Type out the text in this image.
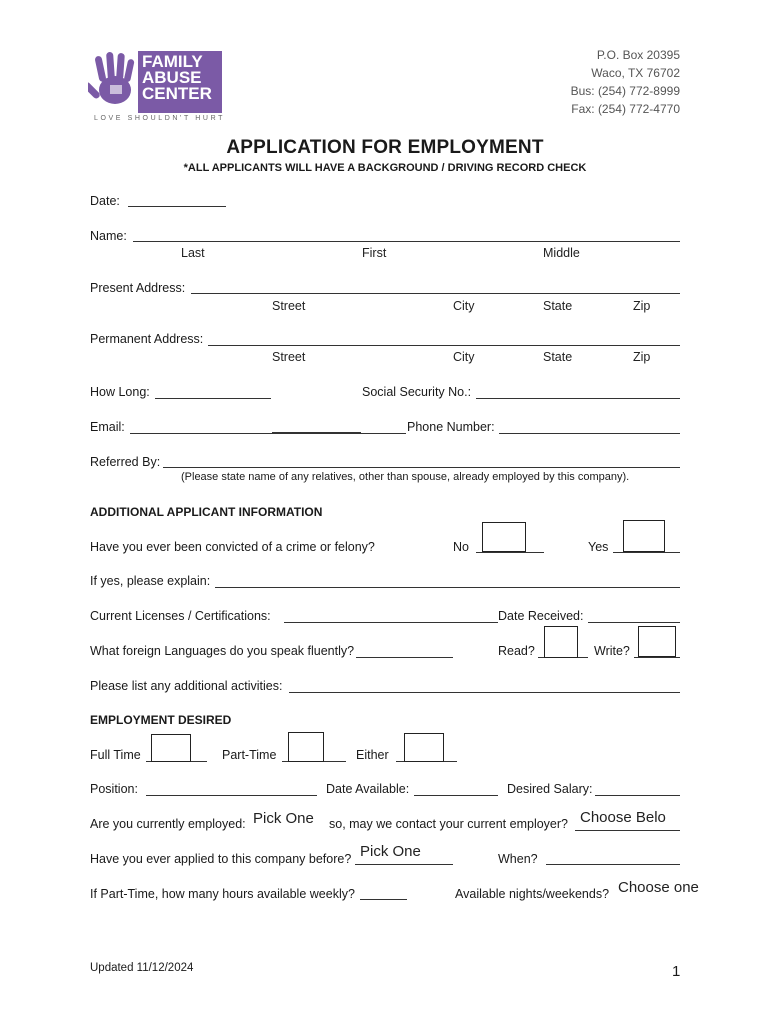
FAMILY
ABUSE
CENTER
LOVE SHOULDN'T HURT
P.O. Box 20395
Waco, TX 76702
Bus: (254) 772-8999
Fax: (254) 772-4770
APPLICATION FOR EMPLOYMENT
*ALL APPLICANTS WILL HAVE A BACKGROUND / DRIVING RECORD CHECK
Date:
Name:
Last	First	Middle
Present Address:
Street	City	State	Zip
Permanent Address:
Street	City	State	Zip
How Long:	Social Security No.:
Email:	Phone Number:
Referred By:
(Please state name of any relatives, other than spouse, already employed by this company).
ADDITIONAL APPLICANT INFORMATION
Have you ever been convicted of a crime or felony?	No	Yes
If yes, please explain:
Current Licenses / Certifications:	Date Received:
What foreign Languages do you speak fluently?	Read?	Write?
Please list any additional activities:
EMPLOYMENT DESIRED
Full Time	Part-Time	Either
Position:	Date Available:	Desired Salary:
Are you currently employed: Pick One so, may we contact your current employer? Choose Belo
Have you ever applied to this company before? Pick One	When?
If Part-Time, how many hours available weekly?	Available nights/weekends? Choose one
Updated 11/12/2024	1
